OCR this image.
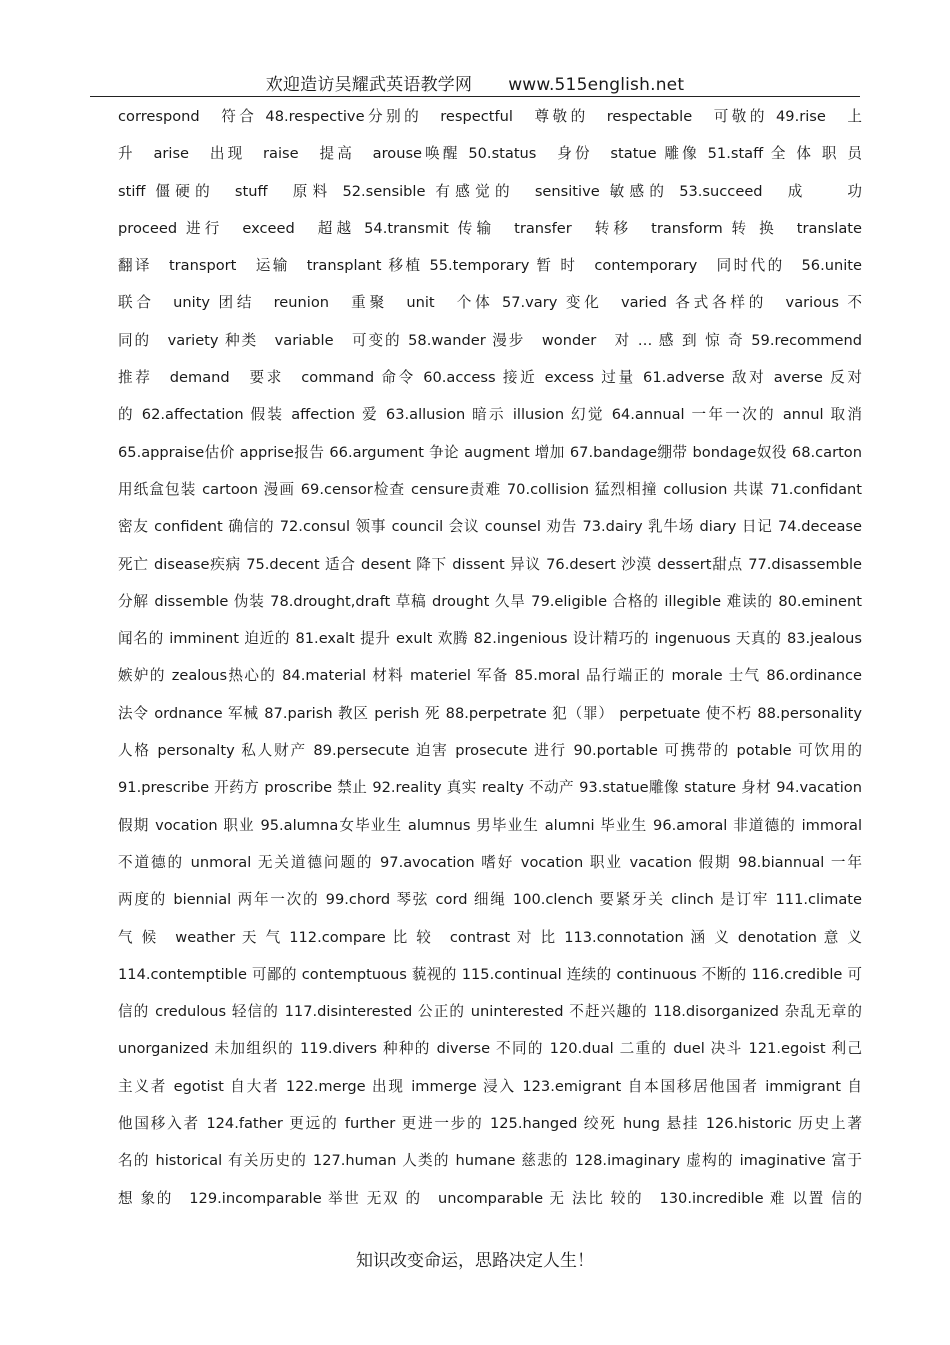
欢迎造访吴耀武英语教学网 www.515english.net
correspond　符合 48.respective分别的　respectful　尊敬的　respectable　可敬的 49.rise　上
升　arise　出现　raise　提高　arouse唤醒 50.status　身份　statue 雕像 51.staff 全 体 职 员
stiff 僵硬的　stuff　原料 52.sensible 有感觉的　sensitive 敏感的 53.succeed　成　　功
proceed 进行　exceed　超越 54.transmit 传输　transfer　转移　transform 转 换　translate
翻译　transport　运输　transplant 移植 55.temporary 暂 时　contemporary　同时代的　56.unite
联合　unity 团结　reunion　重聚　unit　个体 57.vary 变化　varied 各式各样的　various 不
同的　variety 种类　variable　可变的 58.wander 漫步　wonder　对 … 感 到 惊 奇 59.recommend
推荐　demand　要求　command 命令 60.access 接近 excess 过量 61.adverse 敌对 averse 反对
的 62.affectation 假装 affection 爱 63.allusion 暗示 illusion 幻觉 64.annual 一年一次的 annul 取消
65.appraise估价 apprise报告 66.argument 争论 augment 增加 67.bandage绷带 bondage奴役 68.carton
用纸盒包装 cartoon 漫画 69.censor检查 censure责难 70.collision 猛烈相撞 collusion 共谋 71.confidant
密友 confident 确信的 72.consul 领事 council 会议 counsel 劝告 73.dairy 乳牛场 diary 日记 74.decease
死亡 disease疾病 75.decent 适合 desent 降下 dissent 异议 76.desert 沙漠 dessert甜点 77.disassemble
分解 dissemble 伪装 78.drought,draft 草稿 drought 久旱 79.eligible 合格的 illegible 难读的 80.eminent
闻名的 imminent 迫近的 81.exalt 提升 exult 欢腾 82.ingenious 设计精巧的 ingenuous 天真的 83.jealous
嫉妒的 zealous热心的 84.material 材料 materiel 军备 85.moral 品行端正的 morale 士气 86.ordinance
法令 ordnance 军械 87.parish 教区 perish 死 88.perpetrate 犯（罪） perpetuate 使不朽 88.personality
人格 personalty 私人财产 89.persecute 迫害 prosecute 进行 90.portable 可携带的 potable 可饮用的
91.prescribe 开药方 proscribe 禁止 92.reality 真实 realty 不动产 93.statue雕像 stature 身材 94.vacation
假期 vocation 职业 95.alumna女毕业生 alumnus 男毕业生 alumni 毕业生 96.amoral 非道德的 immoral
不道德的 unmoral 无关道德问题的 97.avocation 嗜好 vocation 职业 vacation 假期 98.biannual 一年
两度的 biennial 两年一次的 99.chord 琴弦 cord 细绳 100.clench 要紧牙关 clinch 是订牢 111.climate
气 候　weather 天 气 112.compare 比 较　contrast 对 比 113.connotation 涵 义 denotation 意 义
114.contemptible 可鄙的 contemptuous 藐视的 115.continual 连续的 continuous 不断的 116.credible 可
信的 credulous 轻信的 117.disinterested 公正的 uninterested 不赶兴趣的 118.disorganized 杂乱无章的
unorganized 未加组织的 119.divers 种种的 diverse 不同的 120.dual 二重的 duel 决斗 121.egoist 利己
主义者 egotist 自大者 122.merge 出现 immerge 浸入 123.emigrant 自本国移居他国者 immigrant 自
他国移入者 124.father 更远的 further 更进一步的 125.hanged 绞死 hung 悬挂 126.historic 历史上著
名的 historical 有关历史的 127.human 人类的 humane 慈悲的 128.imaginary 虚构的 imaginative 富于
想 象的　129.incomparable 举世 无双 的　uncomparable 无 法比 较的　130.incredible 难 以置 信的
知识改变命运，思路决定人生！
